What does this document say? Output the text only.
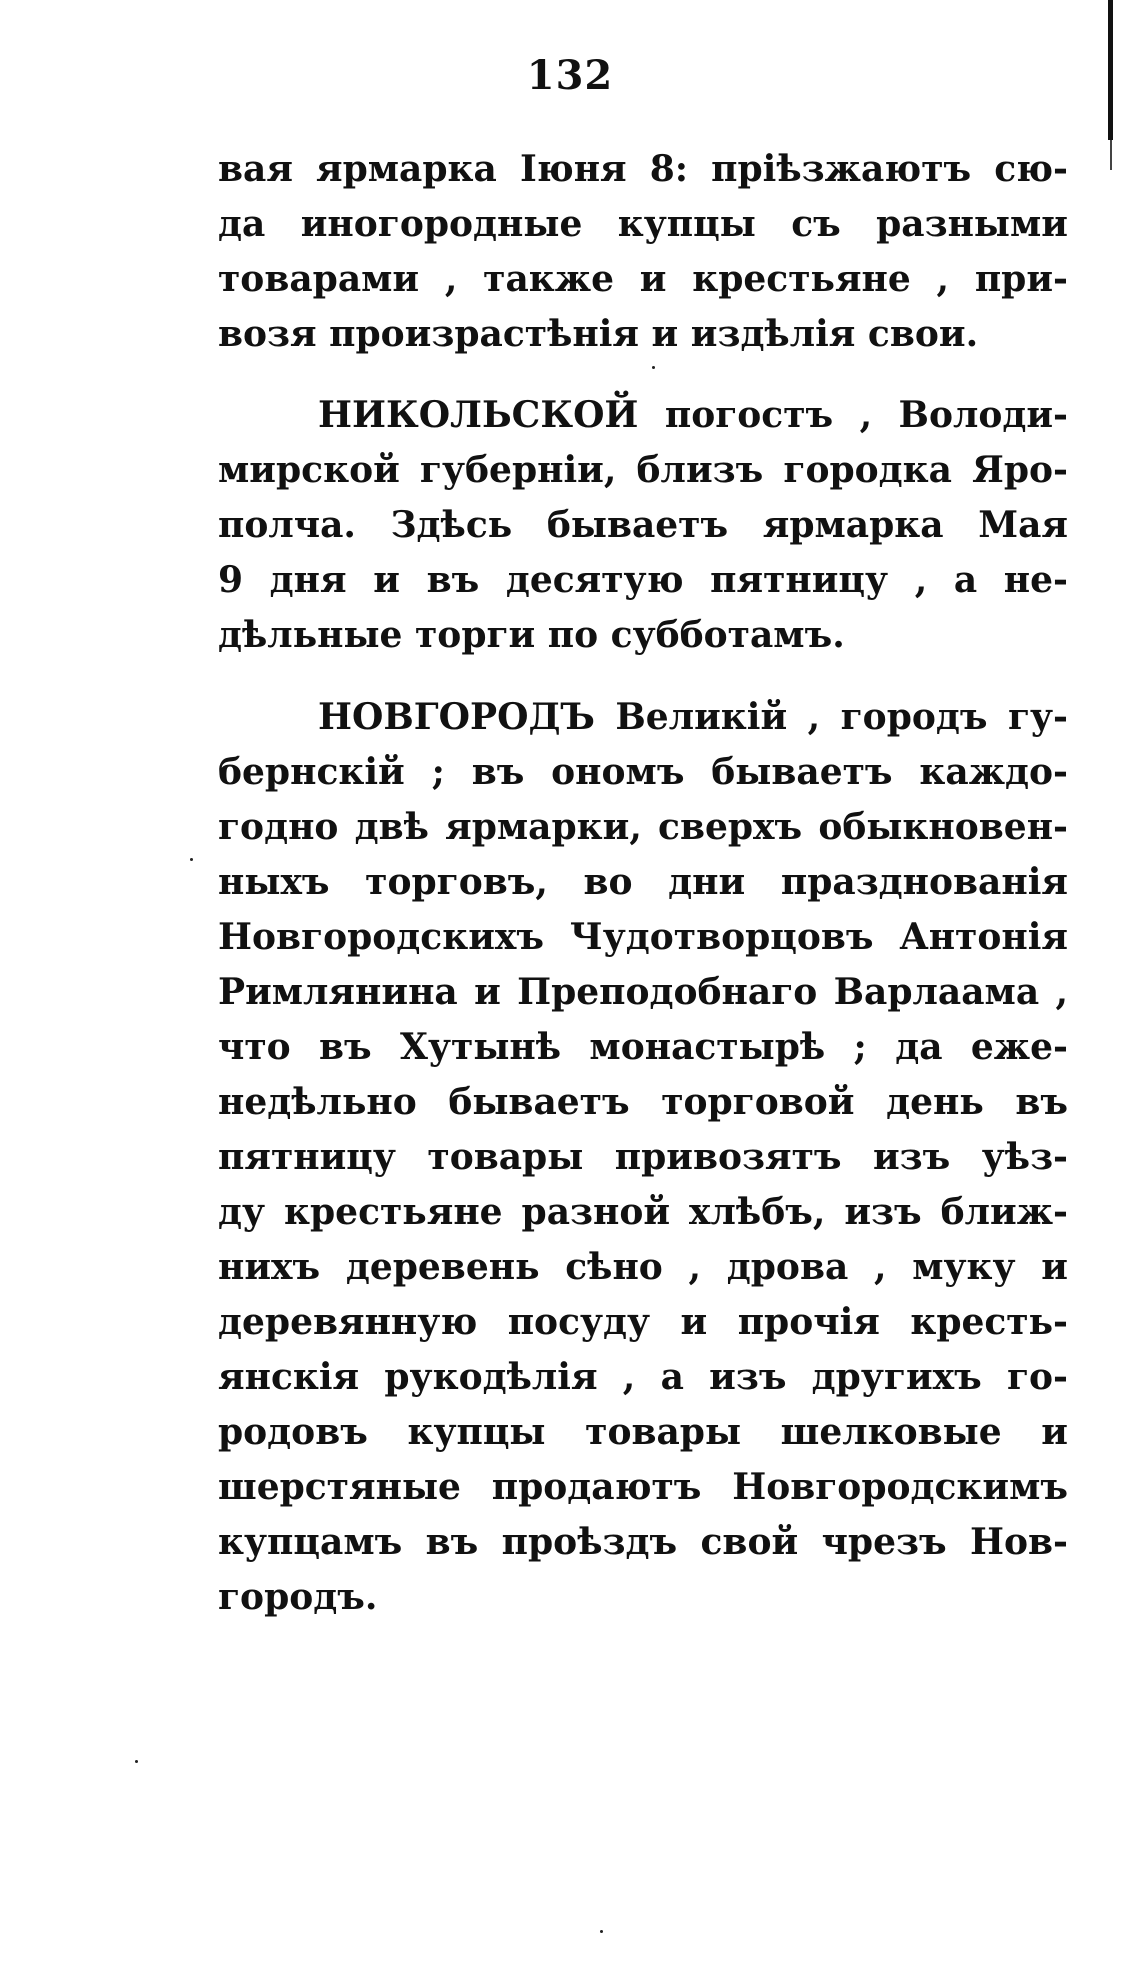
132
вая ярмарка Іюня 8: пріѣзжаютъ сю-
да иногородные купцы съ разными
товарами , также и крестьяне , при-
возя произрастѣнія и издѣлія свои.
НИКОЛЬСКОЙ погостъ , Володи-
мирской губерніи, близъ городка Яро-
полча. Здѣсь бываетъ ярмарка Мая
9 дня и въ десятую пятницу , а не-
дѣльные торги по субботамъ.
НОВГОРОДЪ Великій , городъ гу-
бернскій ; въ ономъ бываетъ каждо-
годно двѣ ярмарки, сверхъ обыкновен-
ныхъ торговъ, во дни празднованія
Новгородскихъ Чудотворцовъ Антонія
Римлянина и Преподобнаго Варлаама ,
что въ Хутынѣ монастырѣ ; да еже-
недѣльно бываетъ торговой день въ
пятницу товары привозятъ изъ уѣз-
ду крестьяне разной хлѣбъ, изъ ближ-
нихъ деревень сѣно , дрова , муку и
деревянную посуду и прочія кресть-
янскія рукодѣлія , а изъ другихъ го-
родовъ купцы товары шелковые и
шерстяные продаютъ Новгородскимъ
купцамъ въ проѣздъ свой чрезъ Нов-
городъ.
